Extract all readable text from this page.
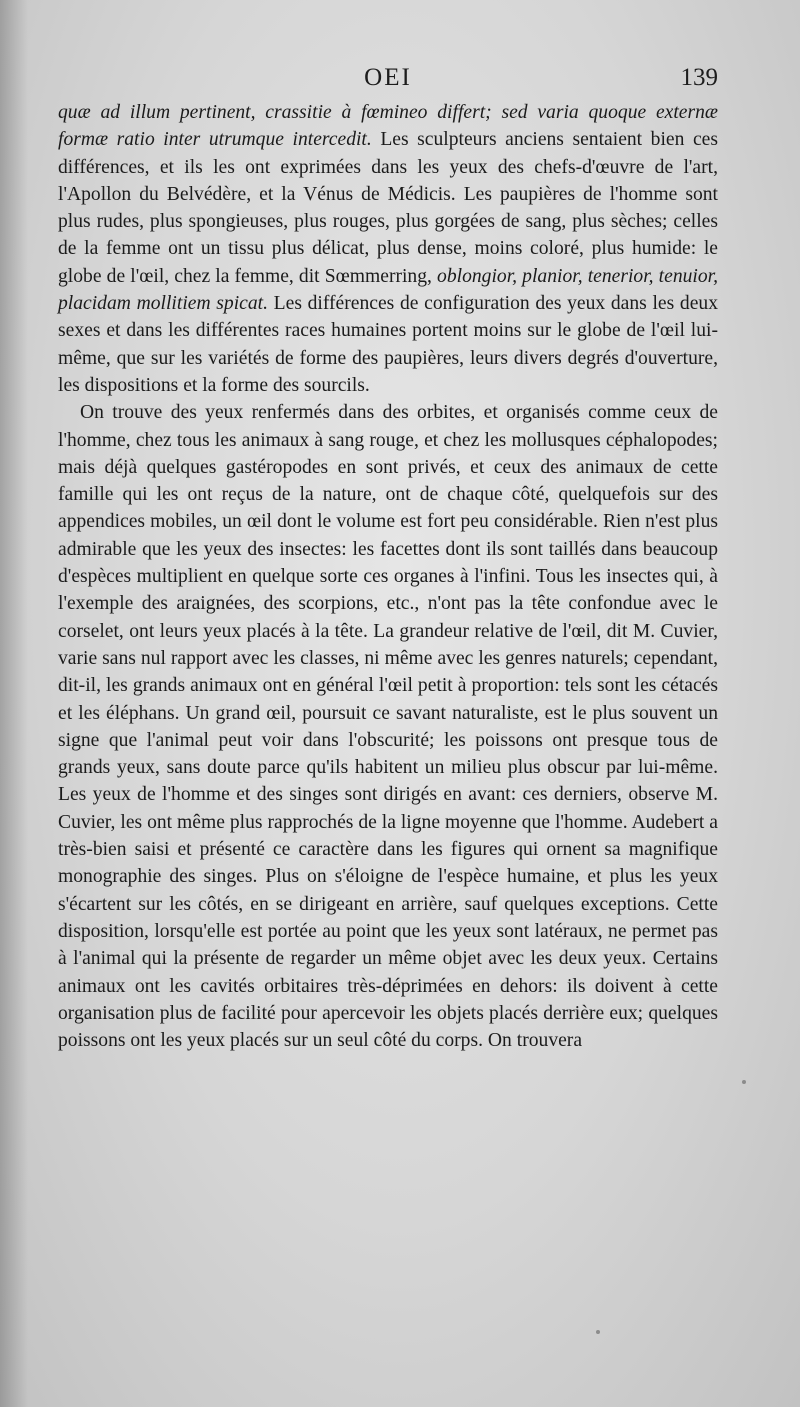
OEI	139

quæ ad illum pertinent, crassitie à fœmineo differt; sed varia quoque externæ formæ ratio inter utrumque intercedit. Les sculpteurs anciens sentaient bien ces différences, et ils les ont exprimées dans les yeux des chefs-d'œuvre de l'art, l'Apollon du Belvédère, et la Vénus de Médicis. Les paupières de l'homme sont plus rudes, plus spongieuses, plus rouges, plus gorgées de sang, plus sèches; celles de la femme ont un tissu plus délicat, plus dense, moins coloré, plus humide: le globe de l'œil, chez la femme, dit Sœmmerring, oblongior, planior, tenerior, tenuior, placidam mollitiem spicat. Les différences de configuration des yeux dans les deux sexes et dans les différentes races humaines portent moins sur le globe de l'œil lui-même, que sur les variétés de forme des paupières, leurs divers degrés d'ouverture, les dispositions et la forme des sourcils.

On trouve des yeux renfermés dans des orbites, et organisés comme ceux de l'homme, chez tous les animaux à sang rouge, et chez les mollusques céphalopodes; mais déjà quelques gastéropodes en sont privés, et ceux des animaux de cette famille qui les ont reçus de la nature, ont de chaque côté, quelquefois sur des appendices mobiles, un œil dont le volume est fort peu considérable. Rien n'est plus admirable que les yeux des insectes: les facettes dont ils sont taillés dans beaucoup d'espèces multiplient en quelque sorte ces organes à l'infini. Tous les insectes qui, à l'exemple des araignées, des scorpions, etc., n'ont pas la tête confondue avec le corselet, ont leurs yeux placés à la tête. La grandeur relative de l'œil, dit M. Cuvier, varie sans nul rapport avec les classes, ni même avec les genres naturels; cependant, dit-il, les grands animaux ont en général l'œil petit à proportion: tels sont les cétacés et les éléphans. Un grand œil, poursuit ce savant naturaliste, est le plus souvent un signe que l'animal peut voir dans l'obscurité; les poissons ont presque tous de grands yeux, sans doute parce qu'ils habitent un milieu plus obscur par lui-même. Les yeux de l'homme et des singes sont dirigés en avant: ces derniers, observe M. Cuvier, les ont même plus rapprochés de la ligne moyenne que l'homme. Audebert a très-bien saisi et présenté ce caractère dans les figures qui ornent sa magnifique monographie des singes. Plus on s'éloigne de l'espèce humaine, et plus les yeux s'écartent sur les côtés, en se dirigeant en arrière, sauf quelques exceptions. Cette disposition, lorsqu'elle est portée au point que les yeux sont latéraux, ne permet pas à l'animal qui la présente de regarder un même objet avec les deux yeux. Certains animaux ont les cavités orbitaires très-déprimées en dehors: ils doivent à cette organisation plus de facilité pour apercevoir les objets placés derrière eux; quelques poissons ont les yeux placés sur un seul côté du corps. On trouvera
